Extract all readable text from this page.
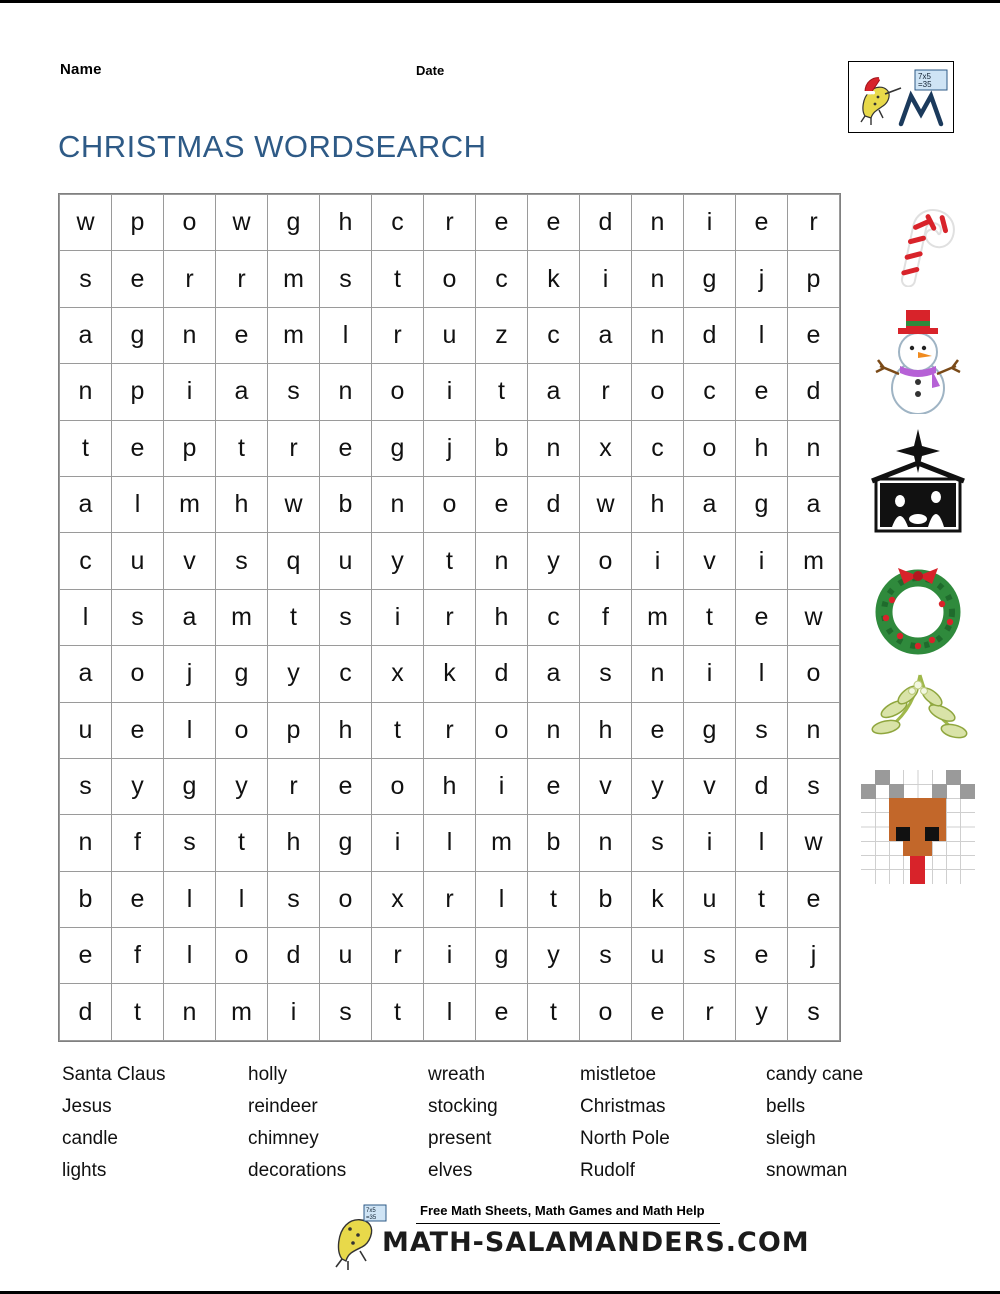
Name	Date	7x5
=35
CHRISTMAS WORDSEARCH
w	p	o	w	g	h	c	r	e	e	d	n	i	e	r
s	e	r	r	m	s	t	o	c	k	i	n	g	j	p
a	g	n	e	m	l	r	u	z	c	a	n	d	l	e
n	p	i	a	s	n	o	i	t	a	r	o	c	e	d
t	e	p	t	r	e	g	j	b	n	x	c	o	h	n
a	l	m	h	w	b	n	o	e	d	w	h	a	g	a
c	u	v	s	q	u	y	t	n	y	o	i	v	i	m
l	s	a	m	t	s	i	r	h	c	f	m	t	e	w
a	o	j	g	y	c	x	k	d	a	s	n	i	l	o
u	e	l	o	p	h	t	r	o	n	h	e	g	s	n
s	y	g	y	r	e	o	h	i	e	v	y	v	d	s
n	f	s	t	h	g	i	l	m	b	n	s	i	l	w
b	e	l	l	s	o	x	r	l	t	b	k	u	t	e
e	f	l	o	d	u	r	i	g	y	s	u	s	e	j
d	t	n	m	i	s	t	l	e	t	o	e	r	y	s
Santa Claus	holly	wreath	mistletoe	candy cane
Jesus	reindeer	stocking	Christmas	bells
candle	chimney	present	North Pole	sleigh
lights	decorations	elves	Rudolf	snowman
7x5
=35	Free Math Sheets, Math Games and Math Help
MATH-SALAMANDERS.COM
